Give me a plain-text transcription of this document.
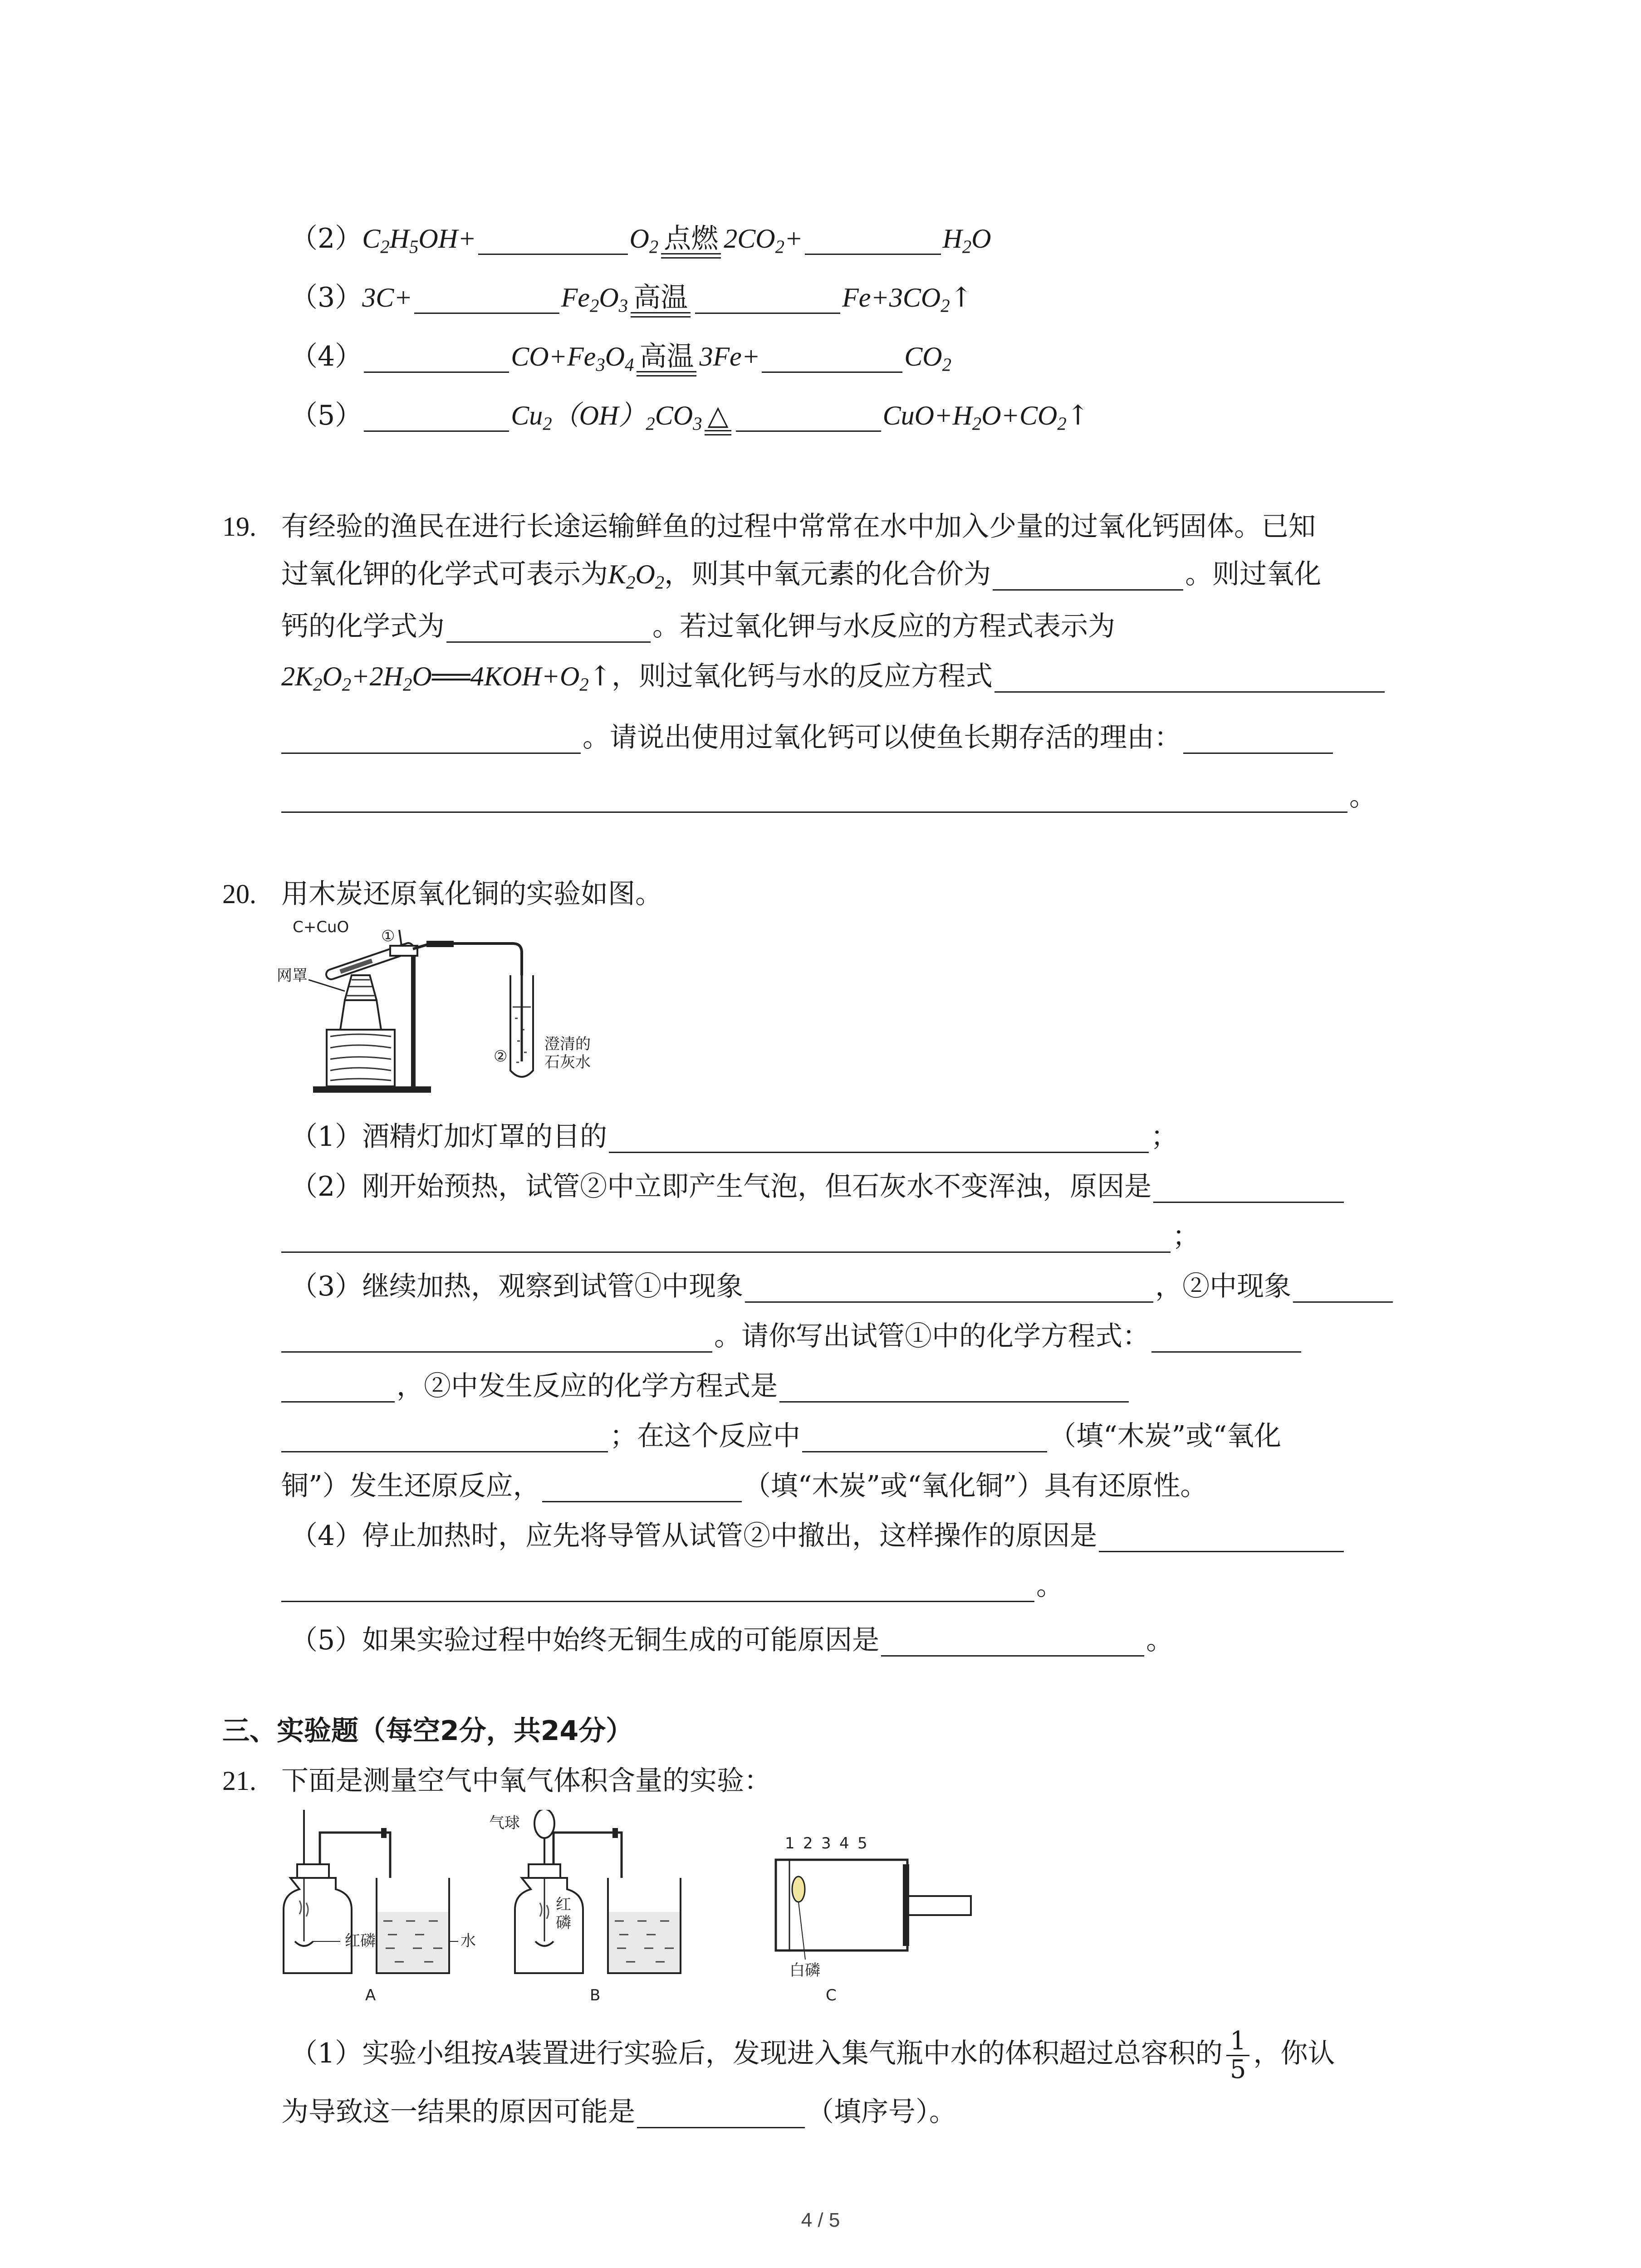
$(2)C_2H_5OH+$	$O_2$ 点燃 $2CO_2+$	$H_2O$
（3）3C+	$Fe_2O_3$ 高温	$Fe+3CO_2↑$
（4）	$CO+Fe_3O_4$ 高温 3Fe+	$CO_2$
（5）	$Cu_2(OH)_2CO_3$ △	$CuO+H_2O+CO_2↑$
19. 有经验的渔民在进行长途运输鲜鱼的过程中常常在水中加入少量的过氧化钙固体。已知
过氧化钾的化学式可表示为$K_2O_2$，则其中氧元素的化合价为	。则过氧化
钙的化学式为	。若过氧化钾与水反应的方程式表示为
$2K_2O_2+2H_2O══4KOH+O_2↑$，则过氧化钙与水的反应方程式
。请说出使用过氧化钙可以使鱼长期存活的理由：
。
20. 用木炭还原氧化铜的实验如图。
C+CuO ①
网罩
②
澄清的
石灰水
（1）酒精灯加灯罩的目的	；
（2）刚开始预热，试管②中立即产生气泡，但石灰水不变浑浊，原因是
；
（3）继续加热，观察到试管①中现象	，②中现象
。请你写出试管①中的化学方程式：
，②中发生反应的化学方程式是
；在这个反应中	（填“木炭”或“氧化
铜”）发生还原反应，	（填“木炭”或“氧化铜”）具有还原性。
（4）停止加热时，应先将导管从试管②中撤出，这样操作的原因是
。
（5）如果实验过程中始终无铜生成的可能原因是	。
三、实验题（每空2分，共24分）
21. 下面是测量空气中氧气体积含量的实验：
红磷	水
A
气球
红
磷
B
1 2 3 4 5
白磷
C
（1）实验小组按A装置进行实验后，发现进入集气瓶中水的体积超过总容积的 $\frac{1}{5}$ ，你认
为导致这一结果的原因可能是	（填序号）。
4 / 5
